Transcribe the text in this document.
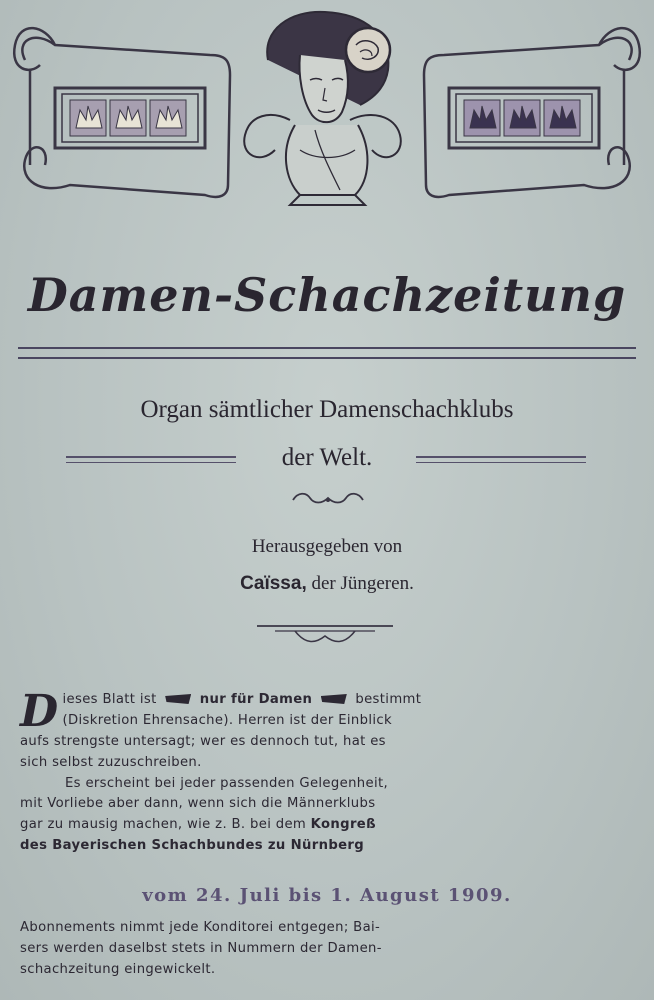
Damen-Schachzeitung
Organ sämtlicher Damenschachklubs
der Welt.
Herausgegeben von
Caïssa, der Jüngeren.
D ieses Blatt ist	nur für Damen	bestimmt
(Diskretion Ehrensache). Herren ist der Einblick
aufs strengste untersagt; wer es dennoch tut, hat es
sich selbst zuzuschreiben.
Es erscheint bei jeder passenden Gelegenheit,
mit Vorliebe aber dann, wenn sich die Männerklubs
gar zu mausig machen, wie z. B. bei dem Kongreß
des Bayerischen Schachbundes zu Nürnberg
vom 24. Juli bis 1. August 1909.
Abonnements nimmt jede Konditorei entgegen; Bai-
sers werden daselbst stets in Nummern der Damen-
schachzeitung eingewickelt.
